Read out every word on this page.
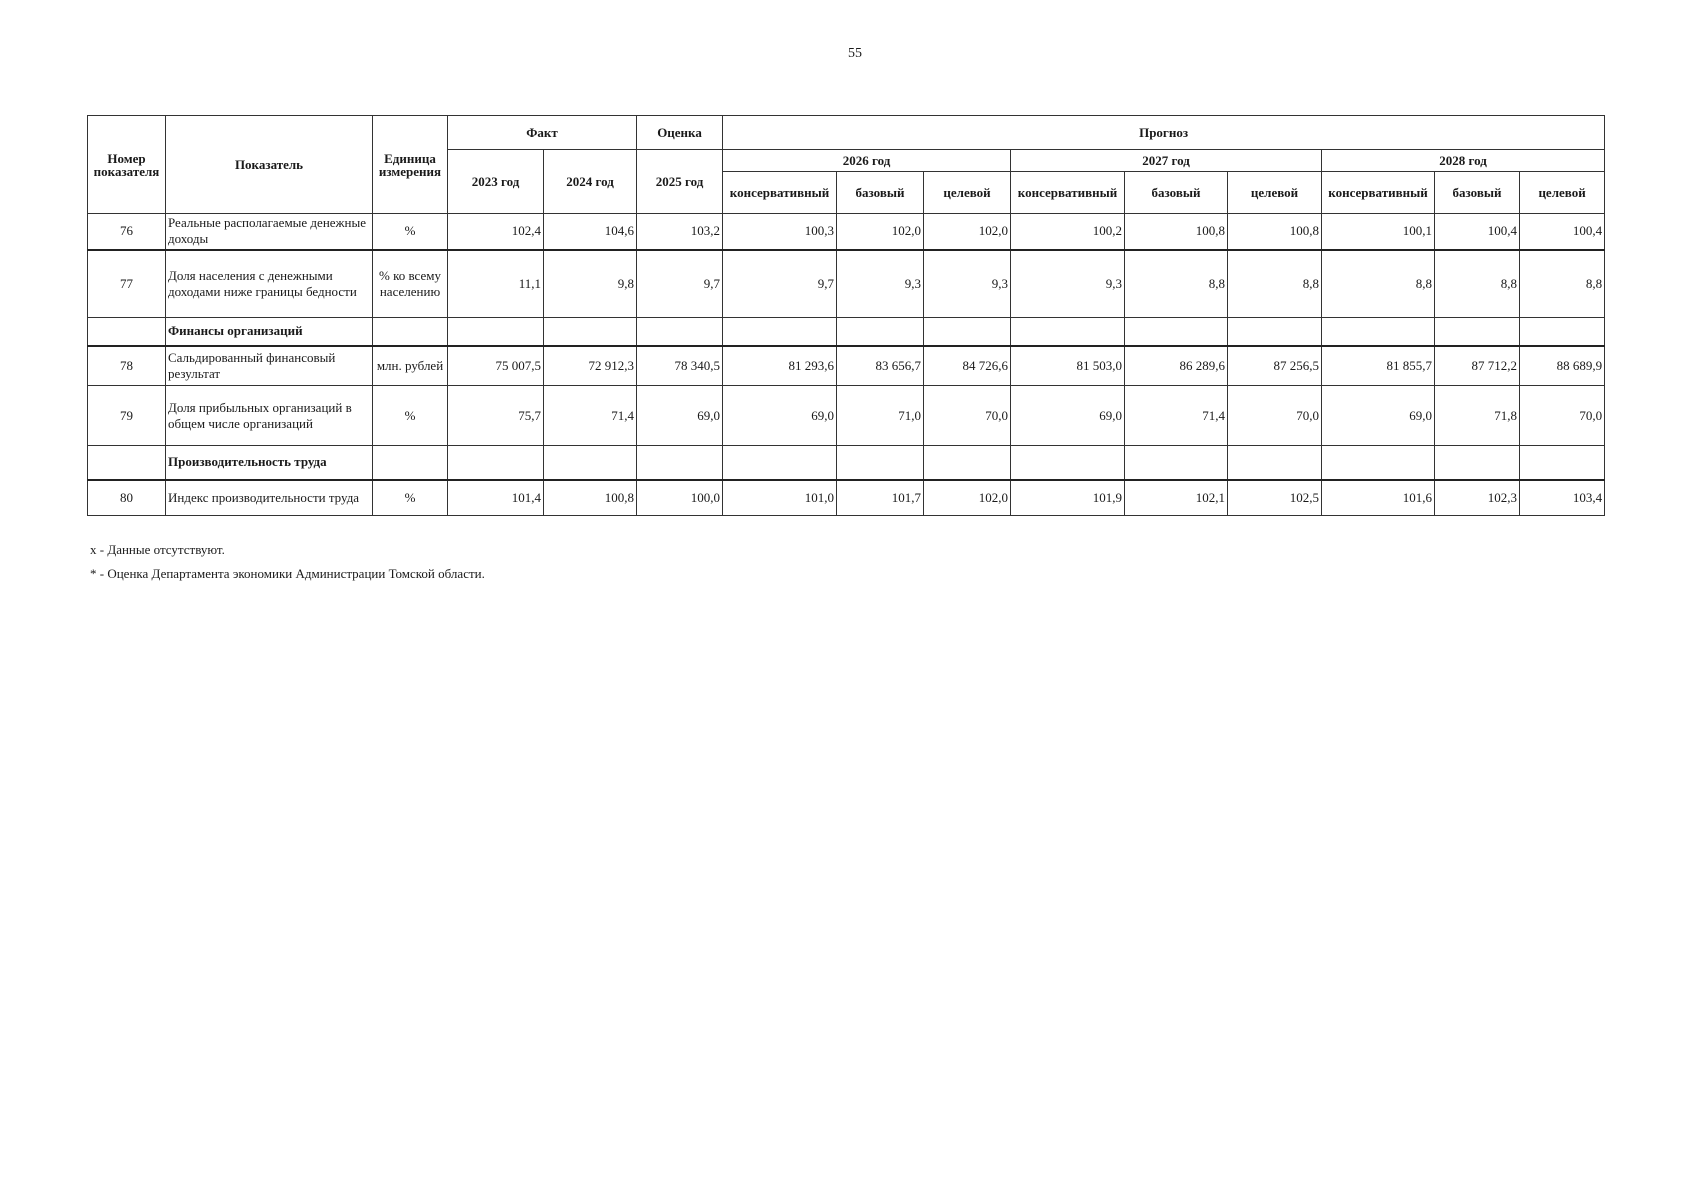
55
Номер показателя	Показатель	Единица измерения	Факт		Оценка	Прогноз								
			2023 год	2024 год	2025 год	2026 год			2027 год			2028 год		
						консервативный	базовый	целевой	консервативный	базовый	целевой	консервативный	базовый	целевой
76	Реальные располагаемые денежные доходы	%	102,4	104,6	103,2	100,3	102,0	102,0	100,2	100,8	100,8	100,1	100,4	100,4
77	Доля населения с денежными доходами ниже границы бедности	% ко всему населению	11,1	9,8	9,7	9,7	9,3	9,3	9,3	8,8	8,8	8,8	8,8	8,8
	Финансы организаций													
78	Сальдированный финансовый результат	млн. рублей	75 007,5	72 912,3	78 340,5	81 293,6	83 656,7	84 726,6	81 503,0	86 289,6	87 256,5	81 855,7	87 712,2	88 689,9
79	Доля прибыльных организаций в общем числе организаций	%	75,7	71,4	69,0	69,0	71,0	70,0	69,0	71,4	70,0	69,0	71,8	70,0
	Производительность труда													
80	Индекс производительности труда	%	101,4	100,8	100,0	101,0	101,7	102,0	101,9	102,1	102,5	101,6	102,3	103,4
х - Данные отсутствуют.
* - Оценка Департамента экономики Администрации Томской области.
